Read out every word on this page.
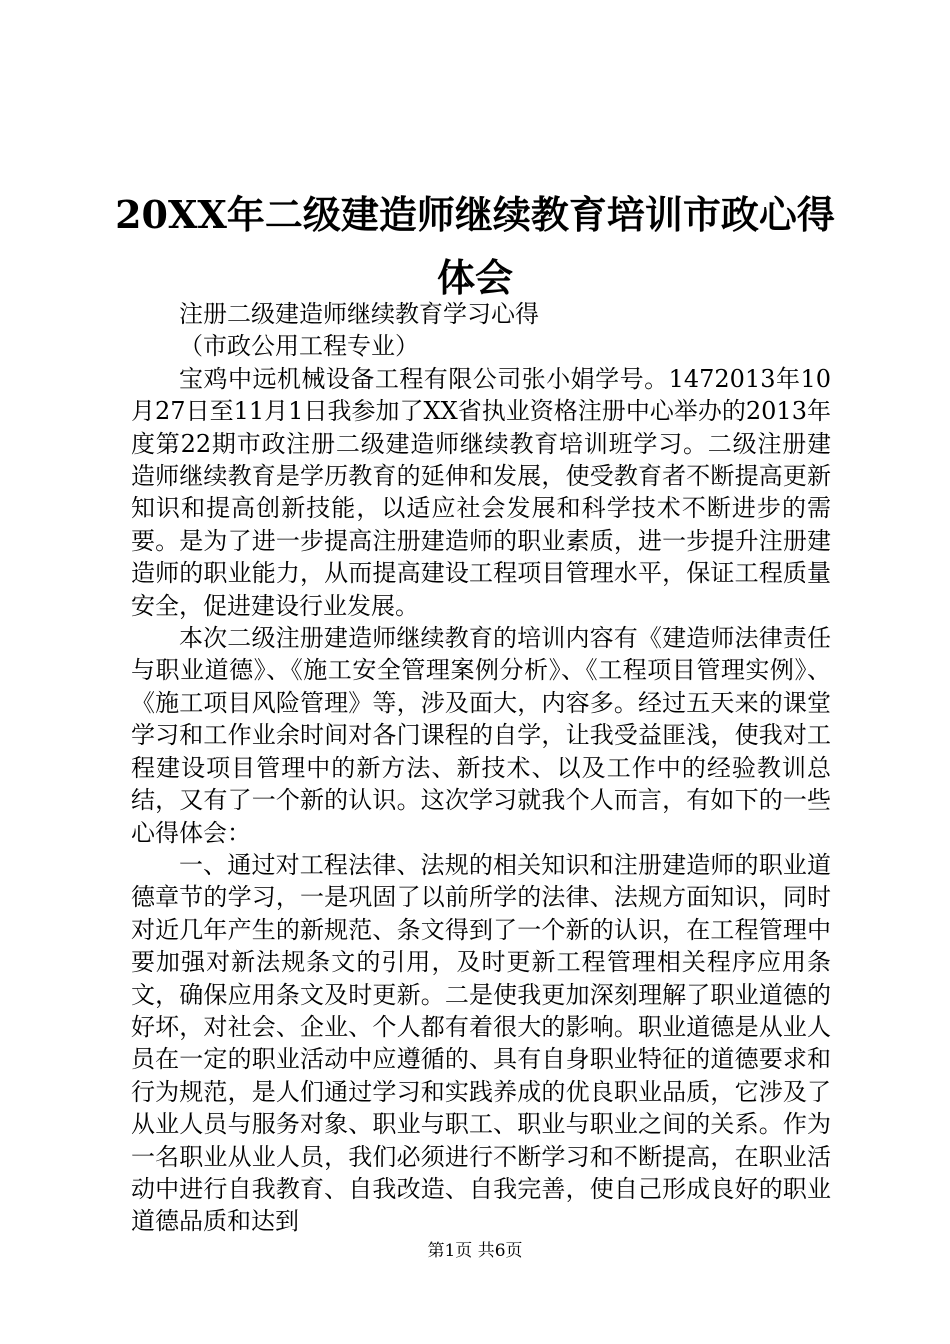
20XX年二级建造师继续教育培训市政心得体会

注册二级建造师继续教育学习心得

（市政公用工程专业）

宝鸡中远机械设备工程有限公司张小娟学号。1472013年10月27日至11月1日我参加了XX省执业资格注册中心举办的2013年度第22期市政注册二级建造师继续教育培训班学习。二级注册建造师继续教育是学历教育的延伸和发展，使受教育者不断提高更新知识和提高创新技能，以适应社会发展和科学技术不断进步的需要。是为了进一步提高注册建造师的职业素质，进一步提升注册建造师的职业能力，从而提高建设工程项目管理水平，保证工程质量安全，促进建设行业发展。

本次二级注册建造师继续教育的培训内容有《建造师法律责任与职业道德》、《施工安全管理案例分析》、《工程项目管理实例》、《施工项目风险管理》等，涉及面大，内容多。经过五天来的课堂学习和工作业余时间对各门课程的自学，让我受益匪浅，使我对工程建设项目管理中的新方法、新技术、以及工作中的经验教训总结，又有了一个新的认识。这次学习就我个人而言，有如下的一些心得体会：

一、通过对工程法律、法规的相关知识和注册建造师的职业道德章节的学习，一是巩固了以前所学的法律、法规方面知识，同时对近几年产生的新规范、条文得到了一个新的认识，在工程管理中要加强对新法规条文的引用，及时更新工程管理相关程序应用条文，确保应用条文及时更新。二是使我更加深刻理解了职业道德的好坏，对社会、企业、个人都有着很大的影响。职业道德是从业人员在一定的职业活动中应遵循的、具有自身职业特征的道德要求和行为规范，是人们通过学习和实践养成的优良职业品质，它涉及了从业人员与服务对象、职业与职工、职业与职业之间的关系。作为一名职业从业人员，我们必须进行不断学习和不断提高，在职业活动中进行自我教育、自我改造、自我完善，使自己形成良好的职业道德品质和达到

第1页 共6页
